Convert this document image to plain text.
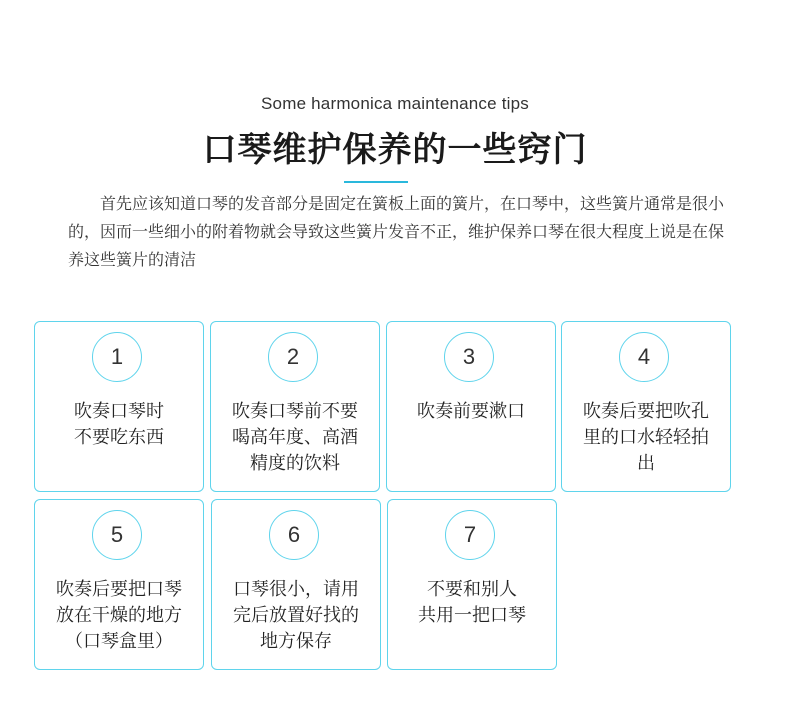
Some harmonica maintenance tips
口琴维护保养的一些窍门

首先应该知道口琴的发音部分是固定在簧板上面的簧片，在口琴中，这些簧片通常是很小的，因而一些细小的附着物就会导致这些簧片发音不正，维护保养口琴在很大程度上说是在保养这些簧片的清洁

1
吹奏口琴时
不要吃东西
2
吹奏口琴前不要
喝高年度、高酒
精度的饮料
3
吹奏前要漱口
4
吹奏后要把吹孔
里的口水轻轻拍
出
5
吹奏后要把口琴
放在干燥的地方
（口琴盒里）
6
口琴很小，请用
完后放置好找的
地方保存
7
不要和别人
共用一把口琴
